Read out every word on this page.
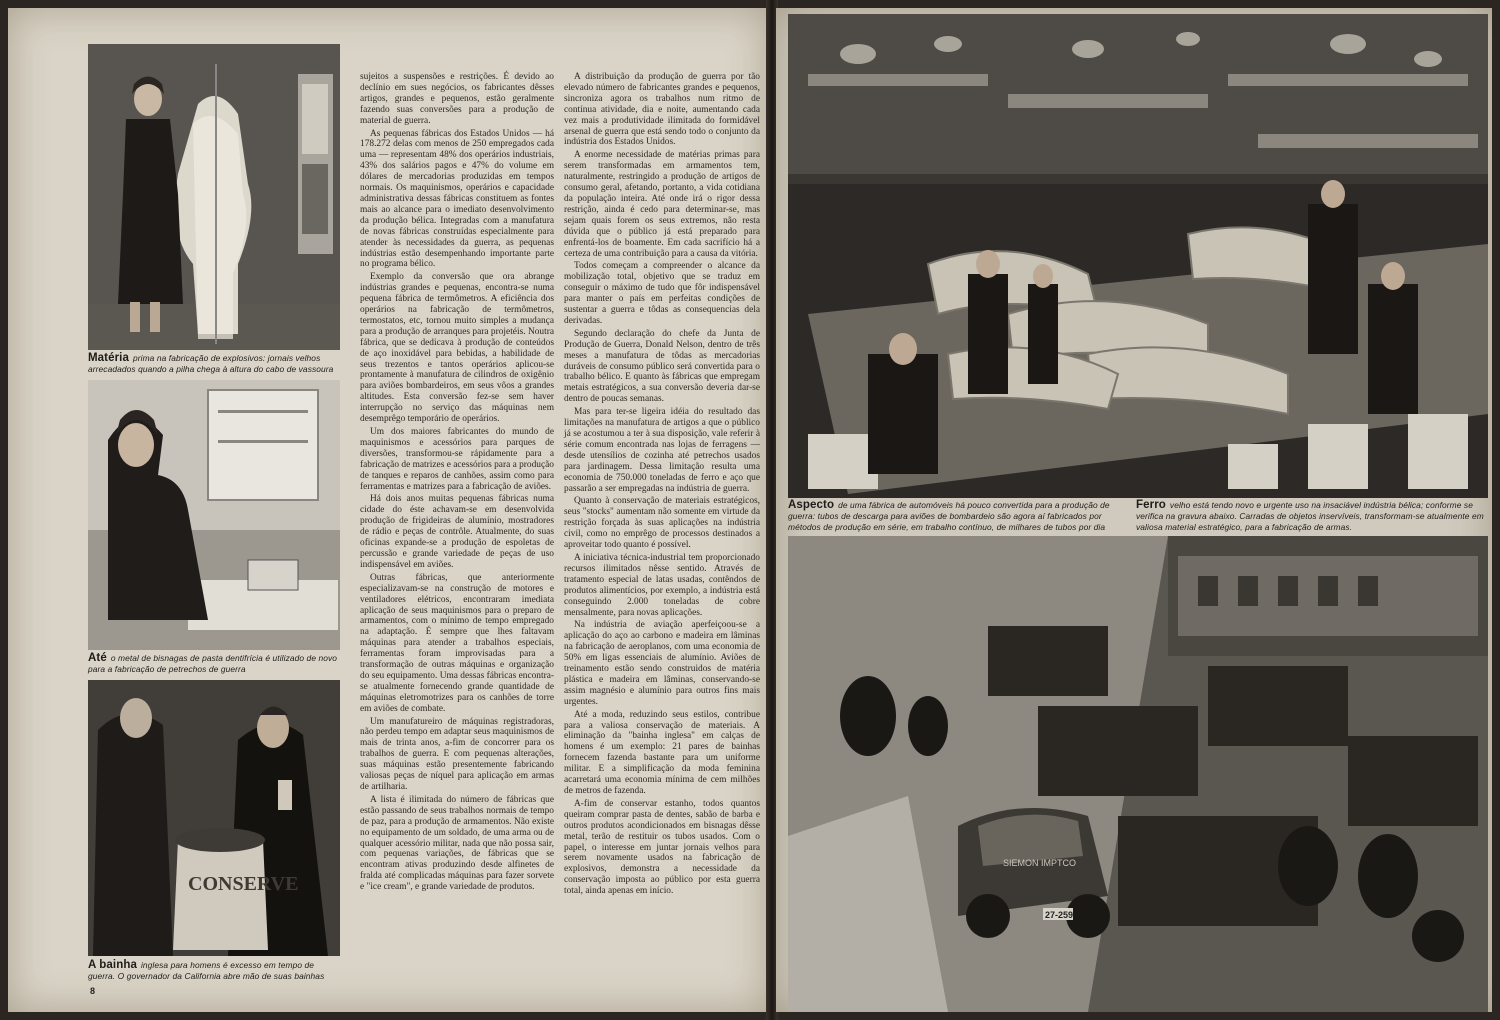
Matéria prima na fabricação de explosivos: jornais velhos arrecadados quando a pilha chega à altura do cabo de vassoura
Até o metal de bisnagas de pasta dentifrícia é utilizado de novo para a fabricação de petrechos de guerra
CONSERVE
A bainha inglesa para homens é excesso em tempo de guerra. O governador da California abre mão de suas bainhas

sujeitos a suspensões e restrições. É devido ao declínio em sues negócios, os fabricantes dêsses artigos, grandes e pequenos, estão geralmente fazendo suas conversões para a produção de material de guerra.

As pequenas fábricas dos Estados Unidos — há 178.272 delas com menos de 250 empregados cada uma — representam 48% dos operários industriais, 43% dos salários pagos e 47% do volume em dólares de mercadorias produzidas em tempos normais. Os maquinismos, operários e capacidade administrativa dessas fábricas constituem as fontes mais ao alcance para o imediato desenvolvimento da produção bélica. Integradas com a manufatura de novas fábricas construídas especialmente para atender às necessidades da guerra, as pequenas indústrias estão desempenhando importante parte no programa bélico.

Exemplo da conversão que ora abrange indústrias grandes e pequenas, encontra-se numa pequena fábrica de termômetros. A eficiência dos operários na fabricação de termômetros, termostatos, etc, tornou muito simples a mudança para a produção de arranques para projetéis. Noutra fábrica, que se dedicava à produção de conteúdos de aço inoxidável para bebidas, a habilidade de seus trezentos e tantos operários aplicou-se prontamente à manufatura de cilindros de oxigênio para aviões bombardeiros, em seus vôos a grandes altitudes. Esta conversão fez-se sem haver interrupção no serviço das máquinas nem desemprêgo temporário de operários.

Um dos maiores fabricantes do mundo de maquinismos e acessórios para parques de diversões, transformou-se rápidamente para a fabricação de matrizes e acessórios para a produção de tanques e reparos de canhões, assim como para ferramentas e matrizes para a fabricação de aviões.

Há dois anos muitas pequenas fábricas numa cidade do éste achavam-se em desenvolvida produção de frigideiras de alumínio, mostradores de rádio e peças de contrôle. Atualmente, do suas oficinas expande-se a produção de espoletas de percussão e grande variedade de peças de uso indispensável em aviões.

Outras fábricas, que anteriormente especializavam-se na construção de motores e ventiladores elétricos, encontraram imediata aplicação de seus maquinismos para o preparo de armamentos, com o mínimo de tempo empregado na adaptação. É sempre que lhes faltavam máquinas para atender a trabalhos especiais, ferramentas foram improvisadas para a transformação de outras máquinas e organização do seu equipamento. Uma dessas fábricas encontra-se atualmente fornecendo grande quantidade de máquinas eletromotrizes para os canhões de torre em aviões de combate.

Um manufatureiro de máquinas registradoras, não perdeu tempo em adaptar seus maquinismos de mais de trinta anos, a-fim de concorrer para os trabalhos de guerra. E com pequenas alterações, suas máquinas estão presentemente fabricando valiosas peças de níquel para aplicação em armas de artilharia.

A lista é ilimitada do número de fábricas que estão passando de seus trabalhos normais de tempo de paz, para a produção de armamentos. Não existe no equipamento de um soldado, de uma arma ou de qualquer acessório militar, nada que não possa sair, com pequenas variações, de fábricas que se encontram ativas produzindo desde alfinetes de fralda até complicadas máquinas para fazer sorvete e "ice cream", e grande variedade de produtos.

A distribuição da produção de guerra por tão elevado número de fabricantes grandes e pequenos, sincroniza agora os trabalhos num ritmo de contínua atividade, dia e noite, aumentando cada vez mais a produtividade ilimitada do formidável arsenal de guerra que está sendo todo o conjunto da indústria dos Estados Unidos.

A enorme necessidade de matérias primas para serem transformadas em armamentos tem, naturalmente, restringido a produção de artigos de consumo geral, afetando, portanto, a vida cotidiana da população inteira. Até onde irá o rigor dessa restrição, ainda é cedo para determinar-se, mas sejam quais forem os seus extremos, não resta dúvida que o público já está preparado para enfrentá-los de boamente. Em cada sacrifício há a certeza de uma contribuição para a causa da vitória.

Todos começam a compreender o alcance da mobilização total, objetivo que se traduz em conseguir o máximo de tudo que fôr indispensável para manter o país em perfeitas condições de sustentar a guerra e tôdas as consequencias dela derivadas.

Segundo declaração do chefe da Junta de Produção de Guerra, Donald Nelson, dentro de três meses a manufatura de tôdas as mercadorias duráveis de consumo público será convertida para o trabalho bélico. E quanto às fábricas que empregam metais estratégicos, a sua conversão deveria dar-se dentro de poucas semanas.

Mas para ter-se ligeira idéia do resultado das limitações na manufatura de artigos a que o público já se acostumou a ter à sua disposição, vale referir à série comum encontrada nas lojas de ferragens — desde utensílios de cozinha até petrechos usados para jardinagem. Dessa limitação resulta uma economia de 750.000 toneladas de ferro e aço que passarão a ser empregadas na indústria de guerra.

Quanto à conservação de materiais estratégicos, seus "stocks" aumentam não somente em virtude da restrição forçada às suas aplicações na indústria civil, como no emprêgo de processos destinados a aproveitar todo quanto é possível.

A iniciativa técnica-industrial tem proporcionado recursos ilimitados nêsse sentido. Através de tratamento especial de latas usadas, contêndos de produtos alimentícios, por exemplo, a indústria está conseguindo 2.000 toneladas de cobre mensalmente, para novas aplicações.

Na indústria de aviação aperfeiçoou-se a aplicação do aço ao carbono e madeira em lâminas na fabricação de aeroplanos, com uma economia de 50% em ligas essenciais de alumínio. Aviões de treinamento estão sendo construidos de matéria plástica e madeira em lâminas, conservando-se assim magnésio e alumínio para outros fins mais urgentes.

Até a moda, reduzindo seus estilos, contribue para a valiosa conservação de materiais. A eliminação da "bainha inglesa" em calças de homens é um exemplo: 21 pares de bainhas fornecem fazenda bastante para um uniforme militar. E a simplificação da moda feminina acarretará uma economia mínima de cem milhões de metros de fazenda.

A-fim de conservar estanho, todos quantos queiram comprar pasta de dentes, sabão de barba e outros produtos acondicionados em bisnagas dêsse metal, terão de restituir os tubos usados. Com o papel, o interesse em juntar jornais velhos para serem novamente usados na fabricação de explosivos, demonstra a necessidade da conservação imposta ao público por esta guerra total, ainda apenas em início.

8
Aspecto de uma fábrica de automóveis há pouco convertida para a produção de guerra: tubos de descarga para aviões de bombardeio são agora aí fabricados por métodos de produção em série, em trabalho contínuo, de milhares de tubos por dia
Ferro velho está tendo novo e urgente uso na insaciável indústria bélica; conforme se verifica na gravura abaixo. Carradas de objetos inservíveis, transformam-se atualmente em valiosa material estratégico, para a fabricação de armas.
SIEMON IMPTCO
27-259
